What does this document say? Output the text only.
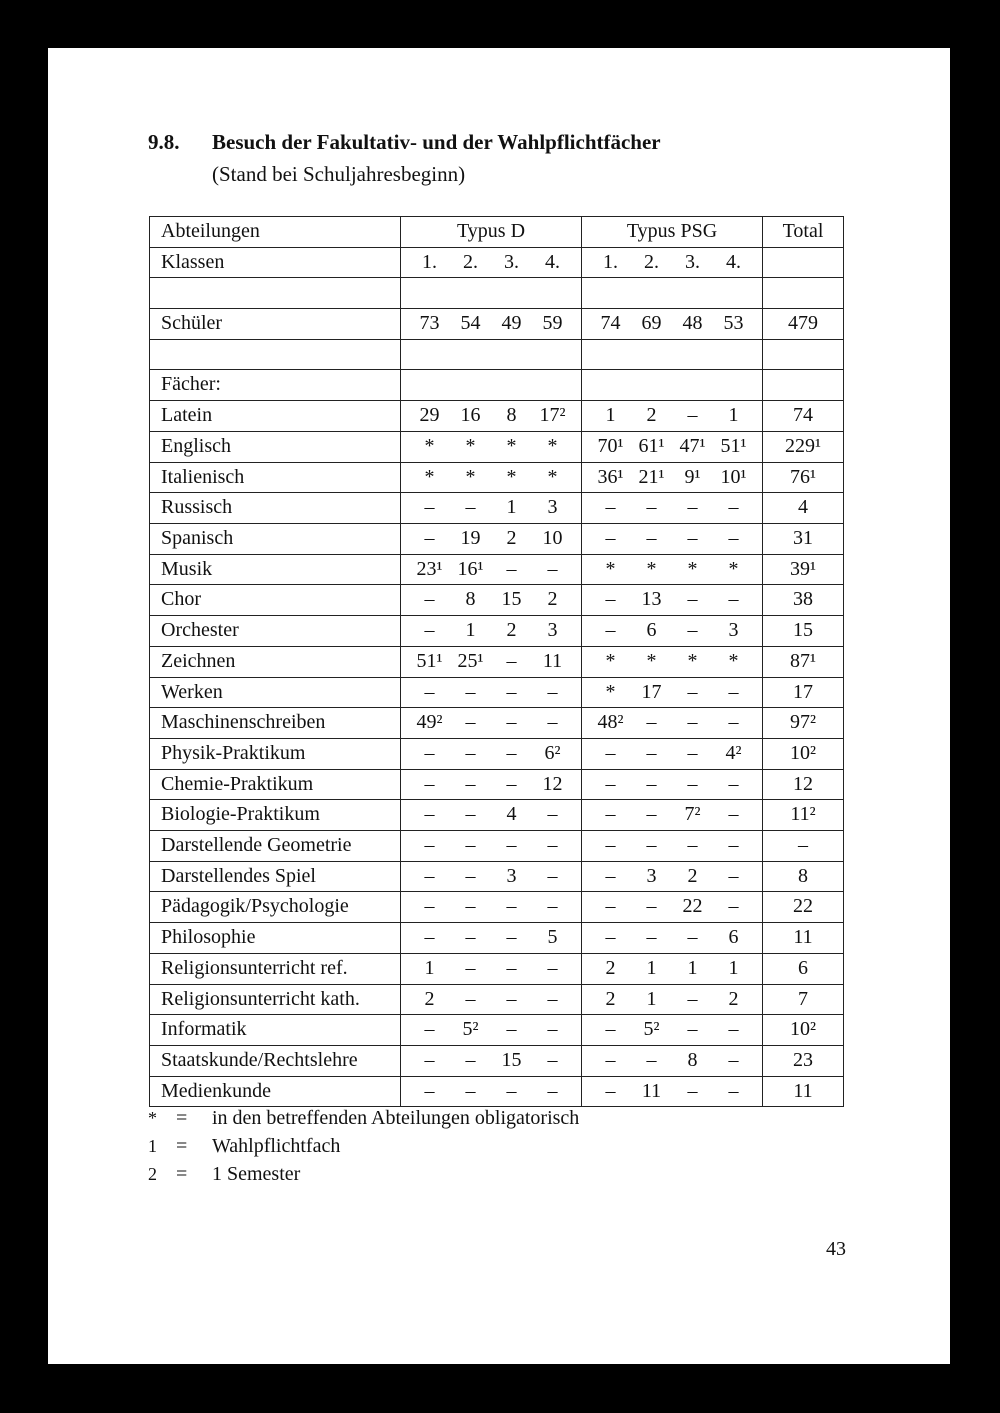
9.8. Besuch der Fakultativ- und der Wahlpflichtfächer
(Stand bei Schuljahresbeginn)
Abteilungen	Typus D	Typus PSG	Total
Klassen	1. 2. 3. 4.	1. 2. 3. 4.	

Schüler	73 54 49 59	74 69 48 53	479

Fächer:			
Latein	29 16 8 17²	1 2 – 1	74
Englisch	* * * *	70¹ 61¹ 47¹ 51¹	229¹
Italienisch	* * * *	36¹ 21¹ 9¹ 10¹	76¹
Russisch	– – 1 3	– – – –	4
Spanisch	– 19 2 10	– – – –	31
Musik	23¹ 16¹ – –	* * * *	39¹
Chor	– 8 15 2	– 13 – –	38
Orchester	– 1 2 3	– 6 – 3	15
Zeichnen	51¹ 25¹ – 11	* * * *	87¹
Werken	– – – –	* 17 – –	17
Maschinenschreiben	49² – – –	48² – – –	97²
Physik-Praktikum	– – – 6²	– – – 4²	10²
Chemie-Praktikum	– – – 12	– – – –	12
Biologie-Praktikum	– – 4 –	– – 7² –	11²
Darstellende Geometrie	– – – –	– – – –	–
Darstellendes Spiel	– – 3 –	– 3 2 –	8
Pädagogik/Psychologie	– – – –	– – 22 –	22
Philosophie	– – – 5	– – – 6	11
Religionsunterricht ref.	1 – – –	2 1 1 1	6
Religionsunterricht kath.	2 – – –	2 1 – 2	7
Informatik	– 5² – –	– 5² – –	10²
Staatskunde/Rechtslehre	– – 15 –	– – 8 –	23
Medienkunde	– – – –	– 11 – –	11
* =	in den betreffenden Abteilungen obligatorisch
1 =	Wahlpflichtfach
2 =	1 Semester
43
